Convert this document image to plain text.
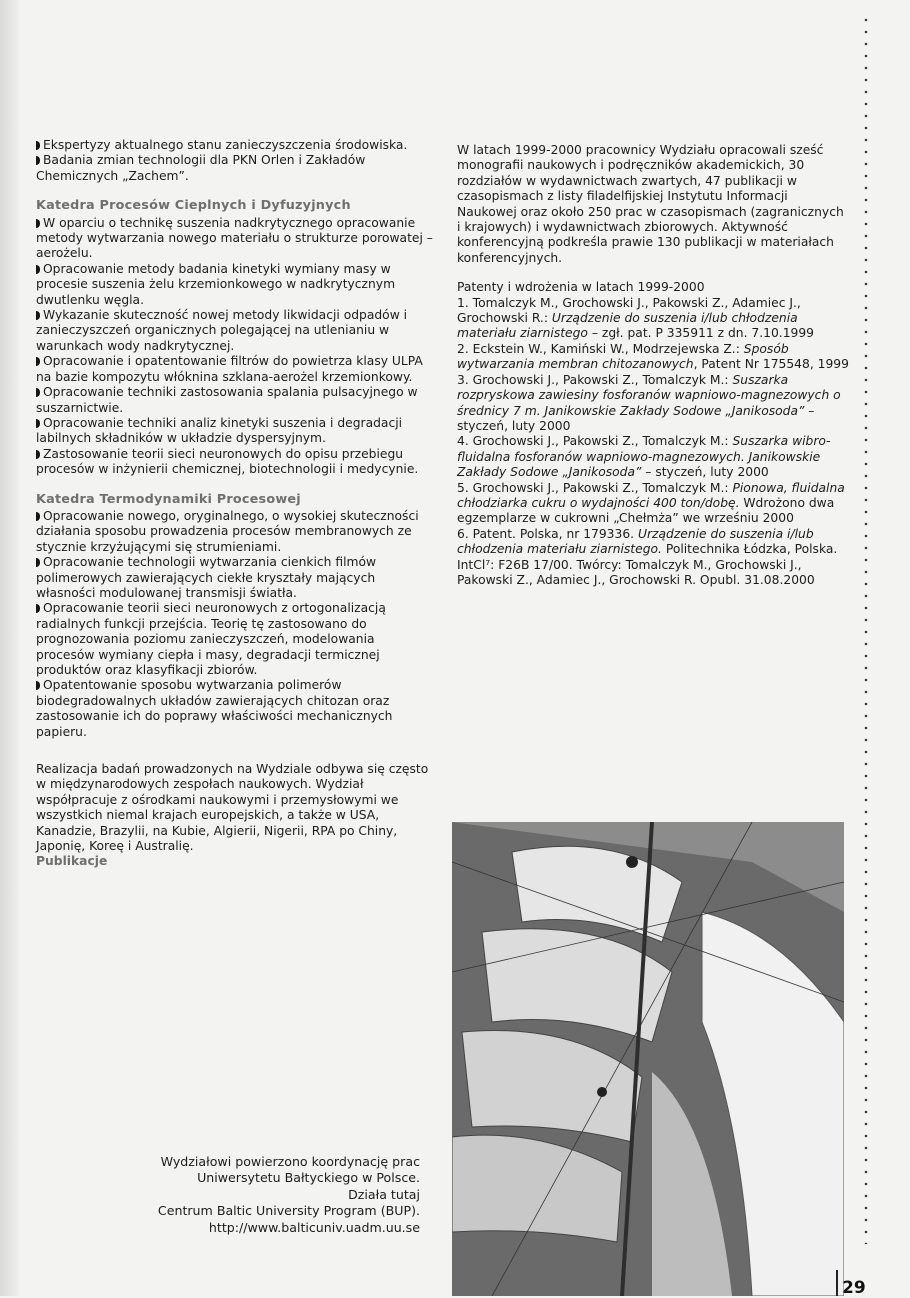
Ekspertyzy aktualnego stanu zanieczyszczenia środowiska.

Badania zmian technologii dla PKN Orlen i Zakładów Chemicznych „Zachem”.

Katedra Procesów Cieplnych i Dyfuzyjnych

W oparciu o technikę suszenia nadkrytycznego opracowanie metody wytwarzania nowego materiału o strukturze porowatej – aerożelu.

Opracowanie metody badania kinetyki wymiany masy w procesie suszenia żelu krzemionkowego w nadkrytycznym dwutlenku węgla.

Wykazanie skuteczność nowej metody likwidacji odpadów i zanieczyszczeń organicznych polegającej na utlenianiu w warunkach wody nadkrytycznej.

Opracowanie i opatentowanie filtrów do powietrza klasy ULPA na bazie kompozytu włóknina szklana-aerożel krzemionkowy.

Opracowanie techniki zastosowania spalania pulsacyjnego w suszarnictwie.

Opracowanie techniki analiz kinetyki suszenia i degradacji labilnych składników w układzie dyspersyjnym.

Zastosowanie teorii sieci neuronowych do opisu przebiegu procesów w inżynierii chemicznej, biotechnologii i medycynie.

Katedra Termodynamiki Procesowej

Opracowanie nowego, oryginalnego, o wysokiej skuteczności działania sposobu prowadzenia procesów membranowych ze stycznie krzyżującymi się strumieniami.

Opracowanie technologii wytwarzania cienkich filmów polimerowych zawierających ciekłe kryształy mających własności modulowanej transmisji światła.

Opracowanie teorii sieci neuronowych z ortogonalizacją radialnych funkcji przejścia. Teorię tę zastosowano do prognozowania poziomu zanieczyszczeń, modelowania procesów wymiany ciepła i masy, degradacji termicznej produktów oraz klasyfikacji zbiorów.

Opatentowanie sposobu wytwarzania polimerów biodegradowalnych układów zawierających chitozan oraz zastosowanie ich do poprawy właściwości mechanicznych papieru.

Realizacja badań prowadzonych na Wydziale odbywa się często w międzynarodowych zespołach naukowych. Wydział współpracuje z ośrodkami naukowymi i przemysłowymi we wszystkich niemal krajach europejskich, a także w USA, Kanadzie, Brazylii, na Kubie, Algierii, Nigerii, RPA po Chiny, Japonię, Koreę i Australię.

Publikacje

W latach 1999-2000 pracownicy Wydziału opracowali sześć monografii naukowych i podręczników akademickich, 30 rozdziałów w wydawnictwach zwartych, 47 publikacji w czasopismach z listy filadelfijskiej Instytutu Informacji Naukowej oraz około 250 prac w czasopismach (zagranicznych i krajowych) i wydawnictwach zbiorowych. Aktywność konferencyjną podkreśla prawie 130 publikacji w materiałach konferencyjnych.

Patenty i wdrożenia w latach 1999-2000

1. Tomalczyk M., Grochowski J., Pakowski Z., Adamiec J., Grochowski R.: Urządzenie do suszenia i/lub chłodzenia materiału ziarnistego – zgł. pat. P 335911 z dn. 7.10.1999

2. Eckstein W., Kamiński W., Modrzejewska Z.: Sposób wytwarzania membran chitozanowych, Patent Nr 175548, 1999

3. Grochowski J., Pakowski Z., Tomalczyk M.: Suszarka rozpryskowa zawiesiny fosforanów wapniowo-magnezowych o średnicy 7 m. Janikowskie Zakłady Sodowe „Janikosoda” – styczeń, luty 2000

4. Grochowski J., Pakowski Z., Tomalczyk M.: Suszarka wibro-fluidalna fosforanów wapniowo-magnezowych. Janikowskie Zakłady Sodowe „Janikosoda” – styczeń, luty 2000

5. Grochowski J., Pakowski Z., Tomalczyk M.: Pionowa, fluidalna chłodziarka cukru o wydajności 400 ton/dobę. Wdrożono dwa egzemplarze w cukrowni „Chełmża” we wrześniu 2000

6. Patent. Polska, nr 179336. Urządzenie do suszenia i/lub chłodzenia materiału ziarnistego. Politechnika Łódzka, Polska. IntCl⁷: F26B 17/00. Twórcy: Tomalczyk M., Grochowski J., Pakowski Z., Adamiec J., Grochowski R. Opubl. 31.08.2000

Wydziałowi powierzono koordynację prac
Uniwersytetu Bałtyckiego w Polsce.
Działa tutaj
Centrum Baltic University Program (BUP).
http://www.balticuniv.uadm.uu.se
29
